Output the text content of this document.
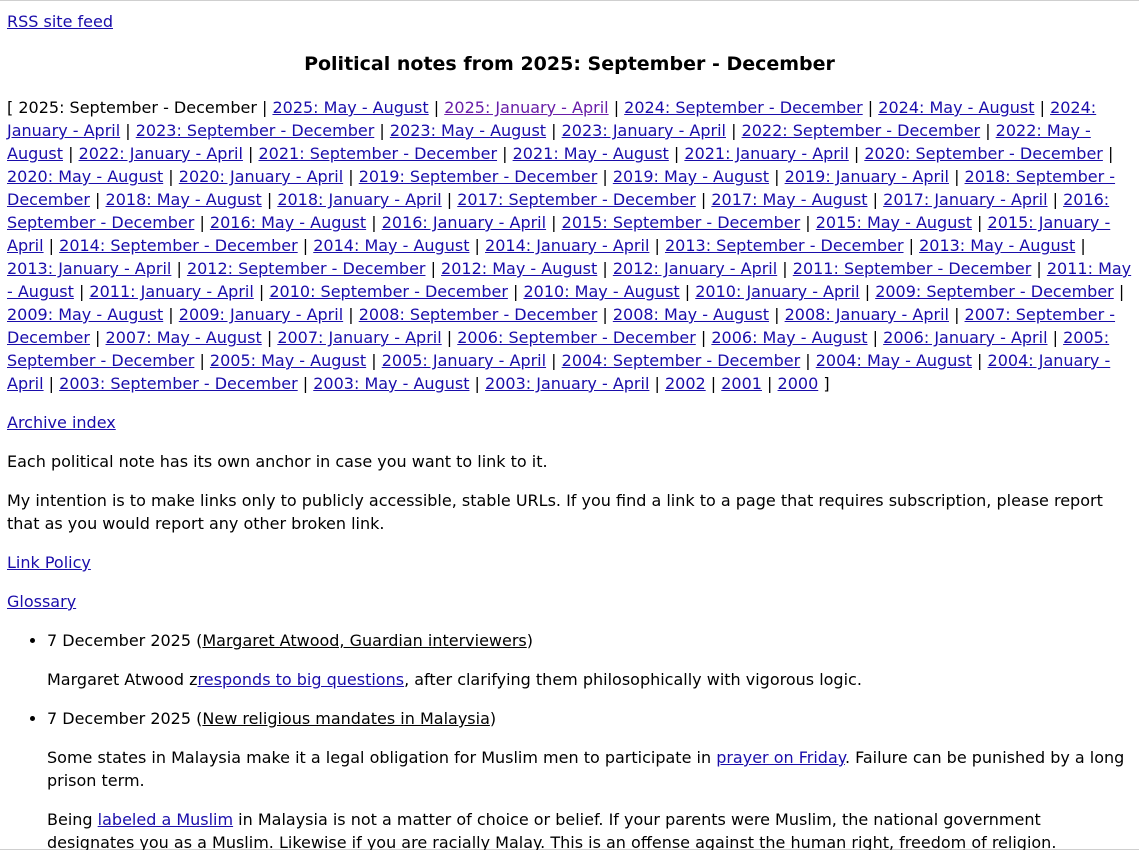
RSS site feed

Political notes from 2025: September - December

[ 2025: September - December | 2025: May - August | 2025: January - April | 2024: September - December | 2024: May - August | 2024: January - April | 2023: September - December | 2023: May - August | 2023: January - April | 2022: September - December | 2022: May - August | 2022: January - April | 2021: September - December | 2021: May - August | 2021: January - April | 2020: September - December | 2020: May - August | 2020: January - April | 2019: September - December | 2019: May - August | 2019: January - April | 2018: September - December | 2018: May - August | 2018: January - April | 2017: September - December | 2017: May - August | 2017: January - April | 2016: September - December | 2016: May - August | 2016: January - April | 2015: September - December | 2015: May - August | 2015: January - April | 2014: September - December | 2014: May - August | 2014: January - April | 2013: September - December | 2013: May - August | 2013: January - April | 2012: September - December | 2012: May - August | 2012: January - April | 2011: September - December | 2011: May - August | 2011: January - April | 2010: September - December | 2010: May - August | 2010: January - April | 2009: September - December | 2009: May - August | 2009: January - April | 2008: September - December | 2008: May - August | 2008: January - April | 2007: September - December | 2007: May - August | 2007: January - April | 2006: September - December | 2006: May - August | 2006: January - April | 2005: September - December | 2005: May - August | 2005: January - April | 2004: September - December | 2004: May - August | 2004: January - April | 2003: September - December | 2003: May - August | 2003: January - April | 2002 | 2001 | 2000 ]

Archive index

Each political note has its own anchor in case you want to link to it.

My intention is to make links only to publicly accessible, stable URLs. If you find a link to a page that requires subscription, please report that as you would report any other broken link.

Link Policy

Glossary

• 7 December 2025 (Margaret Atwood, Guardian interviewers)

Margaret Atwood zresponds to big questions, after clarifying them philosophically with vigorous logic.

• 7 December 2025 (New religious mandates in Malaysia)

Some states in Malaysia make it a legal obligation for Muslim men to participate in prayer on Friday. Failure can be punished by a long prison term.

Being labeled a Muslim in Malaysia is not a matter of choice or belief. If your parents were Muslim, the national government designates you as a Muslim. Likewise if you are racially Malay. This is an offense against the human right, freedom of religion.
